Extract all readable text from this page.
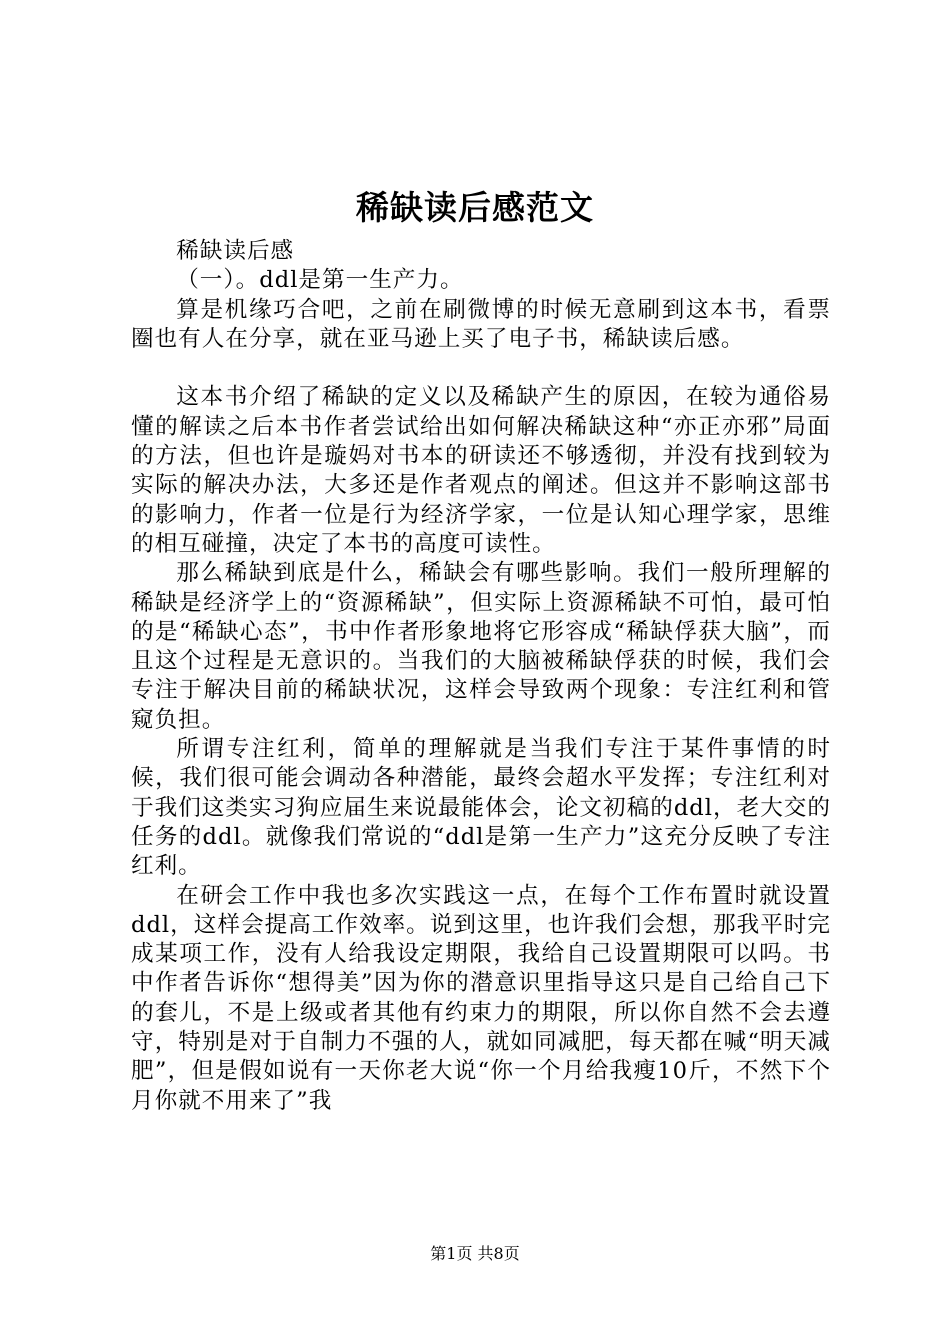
稀缺读后感范文

稀缺读后感

（一）。ddl是第一生产力。

算是机缘巧合吧，之前在刷微博的时候无意刷到这本书，看票圈也有人在分享，就在亚马逊上买了电子书，稀缺读后感。

这本书介绍了稀缺的定义以及稀缺产生的原因，在较为通俗易懂的解读之后本书作者尝试给出如何解决稀缺这种“亦正亦邪”局面的方法，但也许是璇妈对书本的研读还不够透彻，并没有找到较为实际的解决办法，大多还是作者观点的阐述。但这并不影响这部书的影响力，作者一位是行为经济学家，一位是认知心理学家，思维的相互碰撞，决定了本书的高度可读性。

那么稀缺到底是什么，稀缺会有哪些影响。我们一般所理解的稀缺是经济学上的“资源稀缺”，但实际上资源稀缺不可怕，最可怕的是“稀缺心态”，书中作者形象地将它形容成“稀缺俘获大脑”，而且这个过程是无意识的。当我们的大脑被稀缺俘获的时候，我们会专注于解决目前的稀缺状况，这样会导致两个现象：专注红利和管窥负担。

所谓专注红利，简单的理解就是当我们专注于某件事情的时候，我们很可能会调动各种潜能，最终会超水平发挥；专注红利对于我们这类实习狗应届生来说最能体会，论文初稿的ddl，老大交的任务的ddl。就像我们常说的“ddl是第一生产力”这充分反映了专注红利。

在研会工作中我也多次实践这一点，在每个工作布置时就设置ddl，这样会提高工作效率。说到这里，也许我们会想，那我平时完成某项工作，没有人给我设定期限，我给自己设置期限可以吗。书中作者告诉你“想得美”因为你的潜意识里指导这只是自己给自己下的套儿，不是上级或者其他有约束力的期限，所以你自然不会去遵守，特别是对于自制力不强的人，就如同减肥，每天都在喊“明天减肥”，但是假如说有一天你老大说“你一个月给我瘦10斤，不然下个月你就不用来了”我

第1页 共8页
